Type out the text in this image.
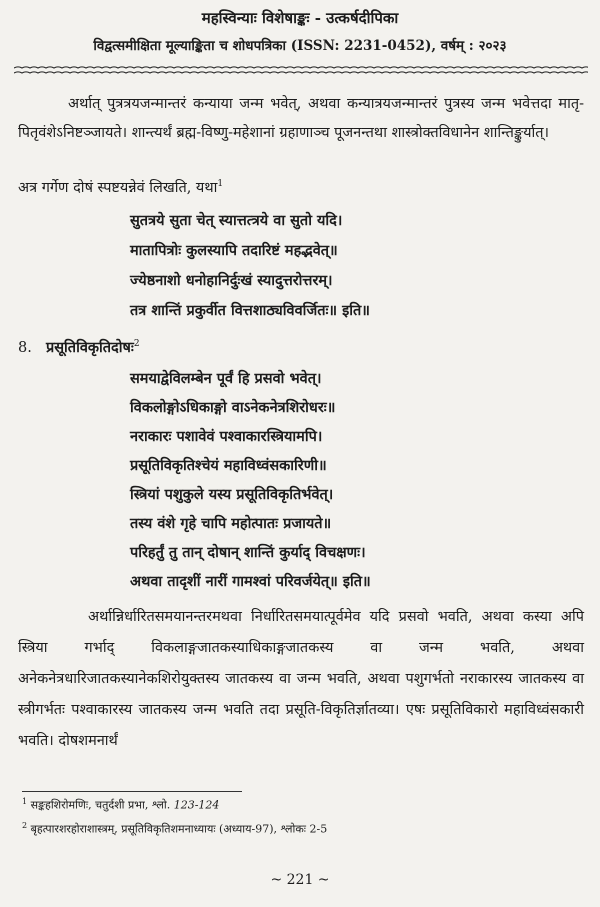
महस्विन्याः विशेषाङ्कः - उत्कर्षदीपिका
विद्वत्समीक्षिता मूल्याङ्किता च शोधपत्रिका (ISSN: 2231-0452), वर्षम् : २०२३

अर्थात् पुत्रत्रयजन्मान्तरं कन्याया जन्म भवेत्, अथवा कन्यात्रयजन्मान्तरं पुत्रस्य जन्म भवेत्तदा मातृ-पितृवंशेऽनिष्टञ्जायते। शान्त्यर्थं ब्रह्म-विष्णु-महेशानां ग्रहाणाञ्च पूजनन्तथा शास्त्रोक्तविधानेन शान्तिङ्कुर्यात्।

अत्र गर्गेण दोषं स्पष्टयन्नेवं लिखति, यथा$^1$
सुतत्रये सुता चेत् स्यात्तत्त्रये वा सुतो यदि।
मातापित्रोः कुलस्यापि तदारिष्टं महद्भवेत्॥
ज्येष्ठनाशो धनोहानिर्दुःखं स्यादुत्तरोत्तरम्।
तत्र शान्तिं प्रकुर्वीत वित्तशाठ्यविवर्जितः॥ इति॥
8. प्रसूतिविकृतिदोषः$^2$
समयाद्वेविलम्बेन पूर्वं हि प्रसवो भवेत्।
विकलोङ्गोऽधिकाङ्गो वाऽनेकनेत्रशिरोधरः॥
नराकारः पशावेवं पश्वाकारस्त्रियामपि।
प्रसूतिविकृतिश्चेयं महाविध्वंसकारिणी॥
स्त्रियां पशुकुले यस्य प्रसूतिविकृतिर्भवेत्।
तस्य वंशे गृहे चापि महोत्पातः प्रजायते॥
परिहर्तुं तु तान् दोषान् शान्तिं कुर्याद् विचक्षणः।
अथवा तादृशीं नारीं गामश्वां परिवर्जयेत्॥ इति॥

अर्थान्निर्धारितसमयानन्तरमथवा निर्धारितसमयात्पूर्वमेव यदि प्रसवो भवति, अथवा कस्या अपि स्त्रिया गर्भाद् विकलाङ्गजातकस्याधिकाङ्गजातकस्य वा जन्म भवति, अथवा अनेकनेत्रधारिजातकस्यानेकशिरोयुक्तस्य जातकस्य वा जन्म भवति, अथवा पशुगर्भतो नराकारस्य जातकस्य वा स्त्रीगर्भतः पश्वाकारस्य जातकस्य जन्म भवति तदा प्रसूति-विकृतिर्ज्ञातव्या। एषः प्रसूतिविकारो महाविध्वंसकारी भवति। दोषशमनार्थं

$^1$ सङ्कहशिरोमणिः, चतुर्दशी प्रभा, श्लो. 123-124
$^2$ बृहत्पारशरहोराशास्त्रम्, प्रसूतिविकृतिशमनाध्यायः (अध्याय-97), श्लोकः 2-5
~ 221 ~
